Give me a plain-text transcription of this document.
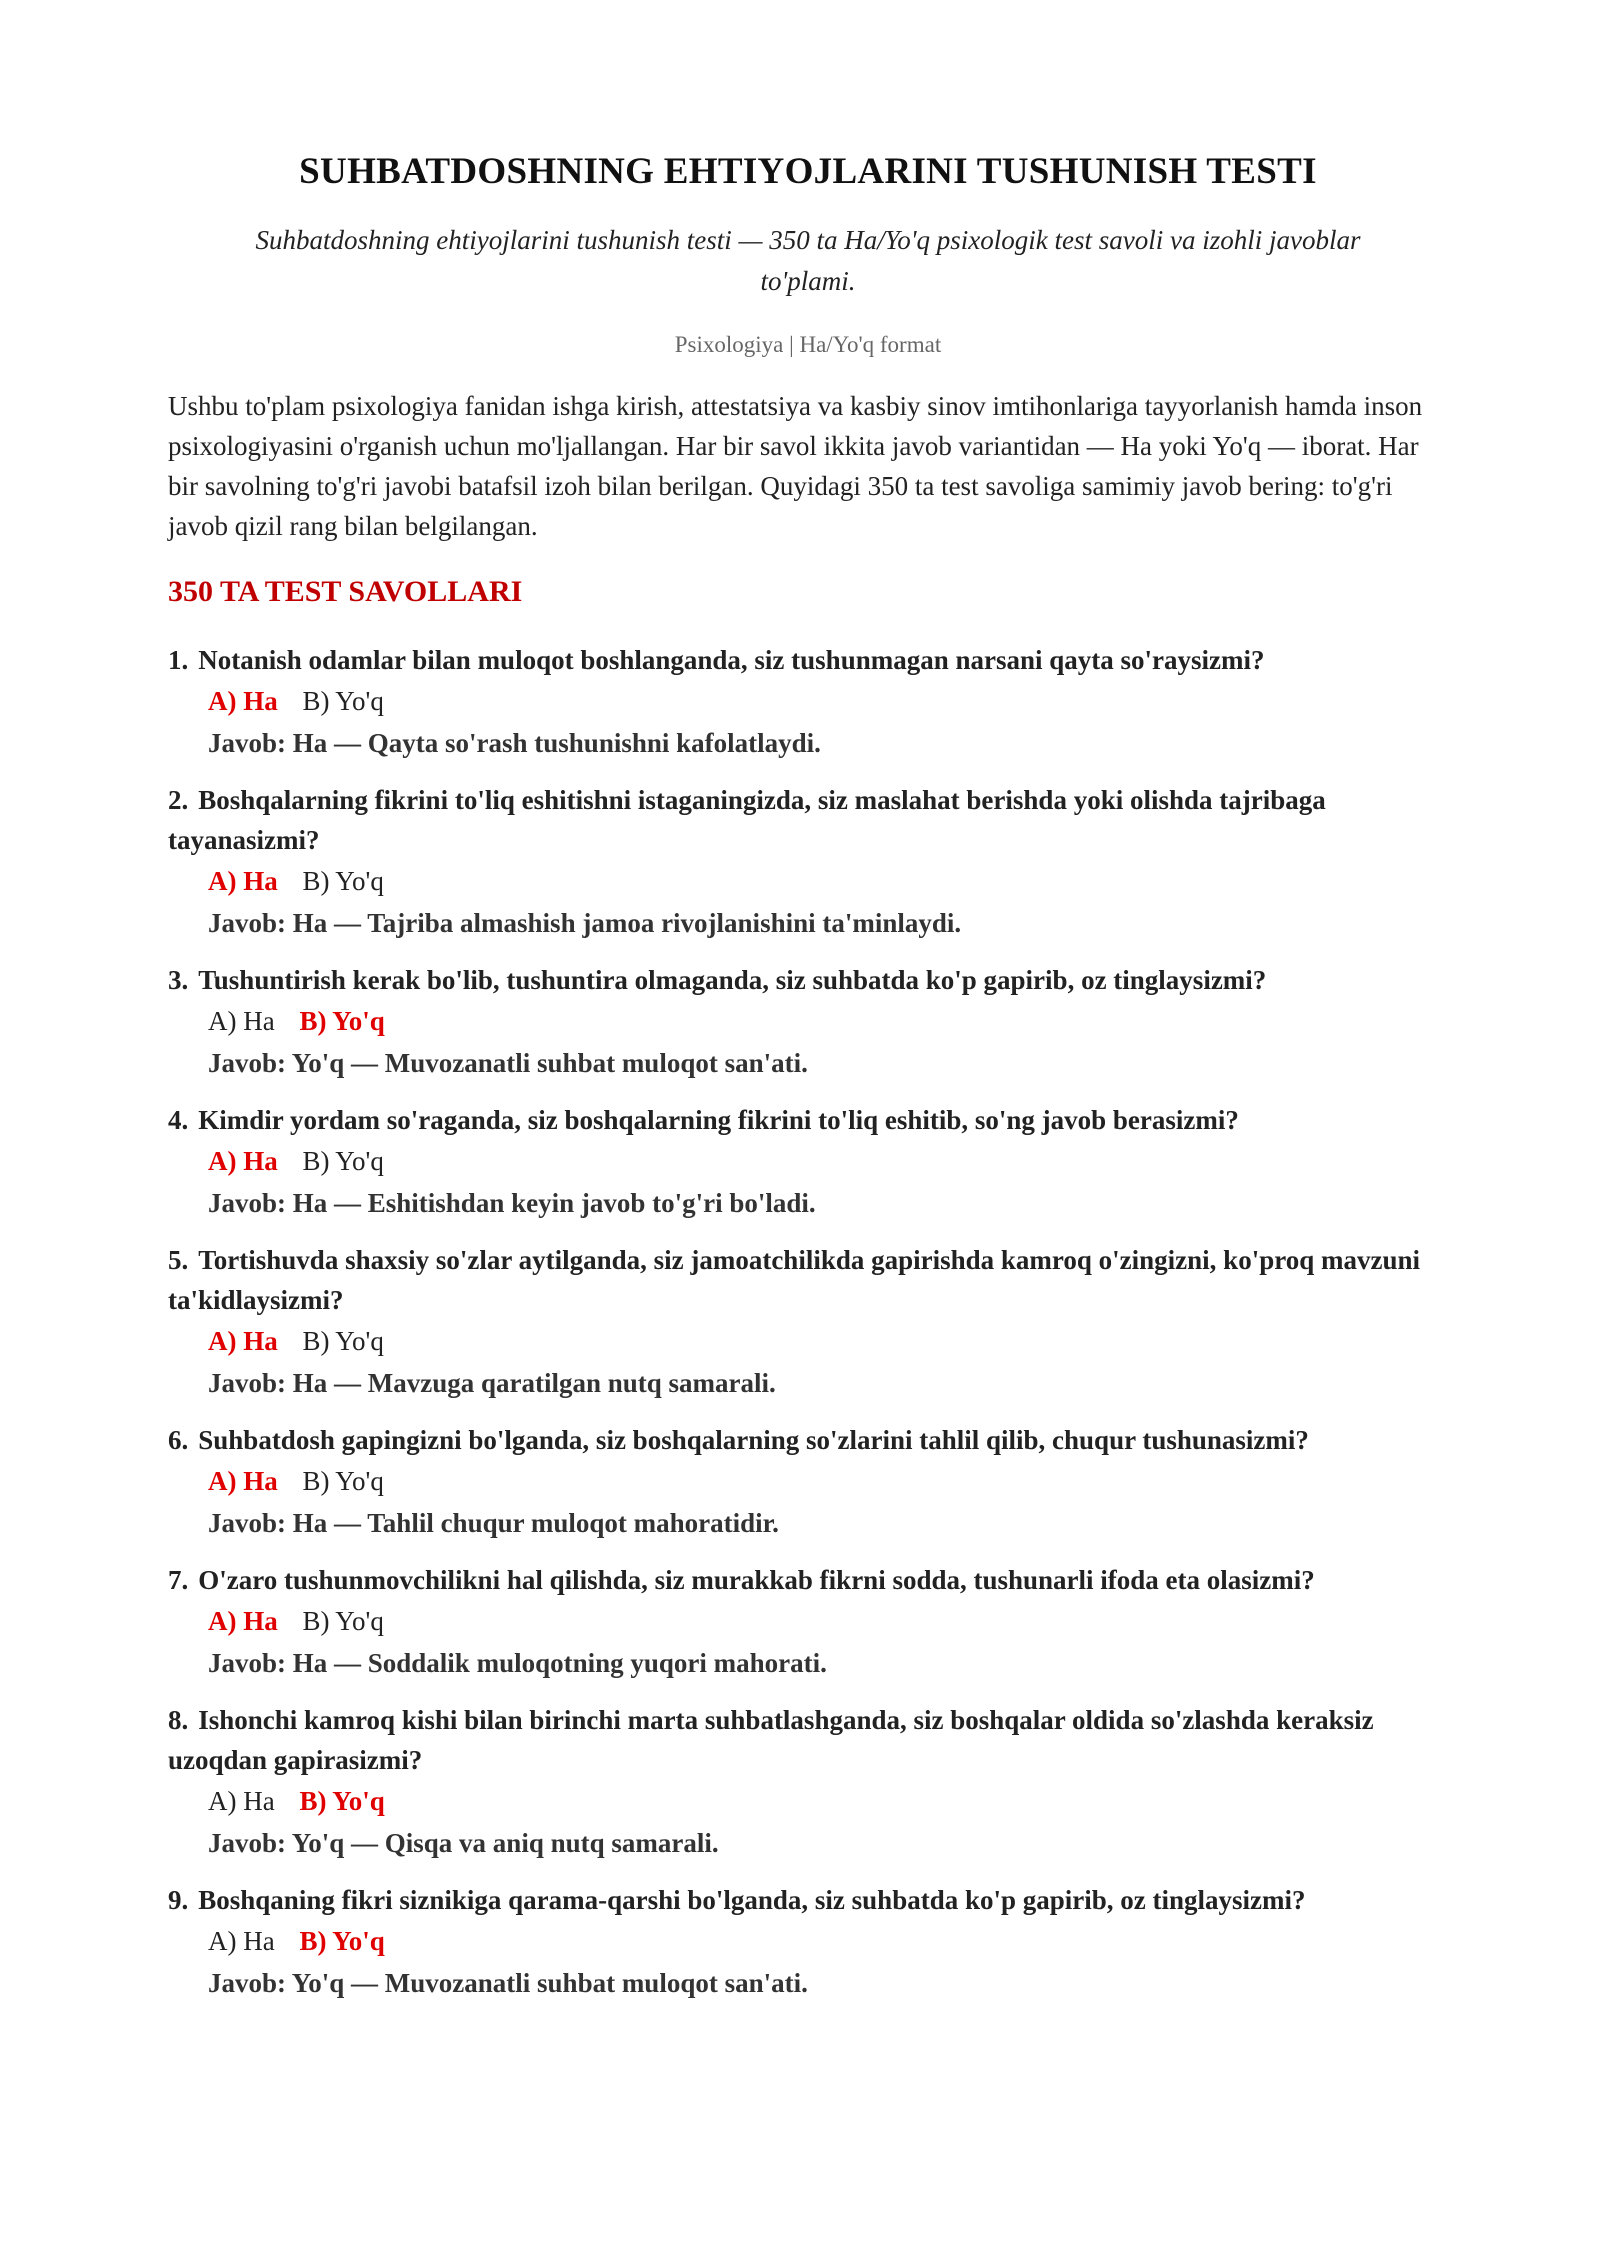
SUHBATDOSHNING EHTIYOJLARINI TUSHUNISH TESTI
Suhbatdoshning ehtiyojlarini tushunish testi — 350 ta Ha/Yo'q psixologik test savoli va izohli javoblar to'plami.
Psixologiya | Ha/Yo'q format
Ushbu to'plam psixologiya fanidan ishga kirish, attestatsiya va kasbiy sinov imtihonlariga tayyorlanish hamda inson psixologiyasini o'rganish uchun mo'ljallangan. Har bir savol ikkita javob variantidan — Ha yoki Yo'q — iborat. Har bir savolning to'g'ri javobi batafsil izoh bilan berilgan. Quyidagi 350 ta test savoliga samimiy javob bering: to'g'ri javob qizil rang bilan belgilangan.
350 TA TEST SAVOLLARI
1. Notanish odamlar bilan muloqot boshlanganda, siz tushunmagan narsani qayta so'raysizmi?
A) Ha B) Yo'q
Javob: Ha — Qayta so'rash tushunishni kafolatlaydi.
2. Boshqalarning fikrini to'liq eshitishni istaganingizda, siz maslahat berishda yoki olishda tajribaga tayanasizmi?
A) Ha B) Yo'q
Javob: Ha — Tajriba almashish jamoa rivojlanishini ta'minlaydi.
3. Tushuntirish kerak bo'lib, tushuntira olmaganda, siz suhbatda ko'p gapirib, oz tinglaysizmi?
A) Ha B) Yo'q
Javob: Yo'q — Muvozanatli suhbat muloqot san'ati.
4. Kimdir yordam so'raganda, siz boshqalarning fikrini to'liq eshitib, so'ng javob berasizmi?
A) Ha B) Yo'q
Javob: Ha — Eshitishdan keyin javob to'g'ri bo'ladi.
5. Tortishuvda shaxsiy so'zlar aytilganda, siz jamoatchilikda gapirishda kamroq o'zingizni, ko'proq mavzuni ta'kidlaysizmi?
A) Ha B) Yo'q
Javob: Ha — Mavzuga qaratilgan nutq samarali.
6. Suhbatdosh gapingizni bo'lganda, siz boshqalarning so'zlarini tahlil qilib, chuqur tushunasizmi?
A) Ha B) Yo'q
Javob: Ha — Tahlil chuqur muloqot mahoratidir.
7. O'zaro tushunmovchilikni hal qilishda, siz murakkab fikrni sodda, tushunarli ifoda eta olasizmi?
A) Ha B) Yo'q
Javob: Ha — Soddalik muloqotning yuqori mahorati.
8. Ishonchi kamroq kishi bilan birinchi marta suhbatlashganda, siz boshqalar oldida so'zlashda keraksiz uzoqdan gapirasizmi?
A) Ha B) Yo'q
Javob: Yo'q — Qisqa va aniq nutq samarali.
9. Boshqaning fikri siznikiga qarama-qarshi bo'lganda, siz suhbatda ko'p gapirib, oz tinglaysizmi?
A) Ha B) Yo'q
Javob: Yo'q — Muvozanatli suhbat muloqot san'ati.
